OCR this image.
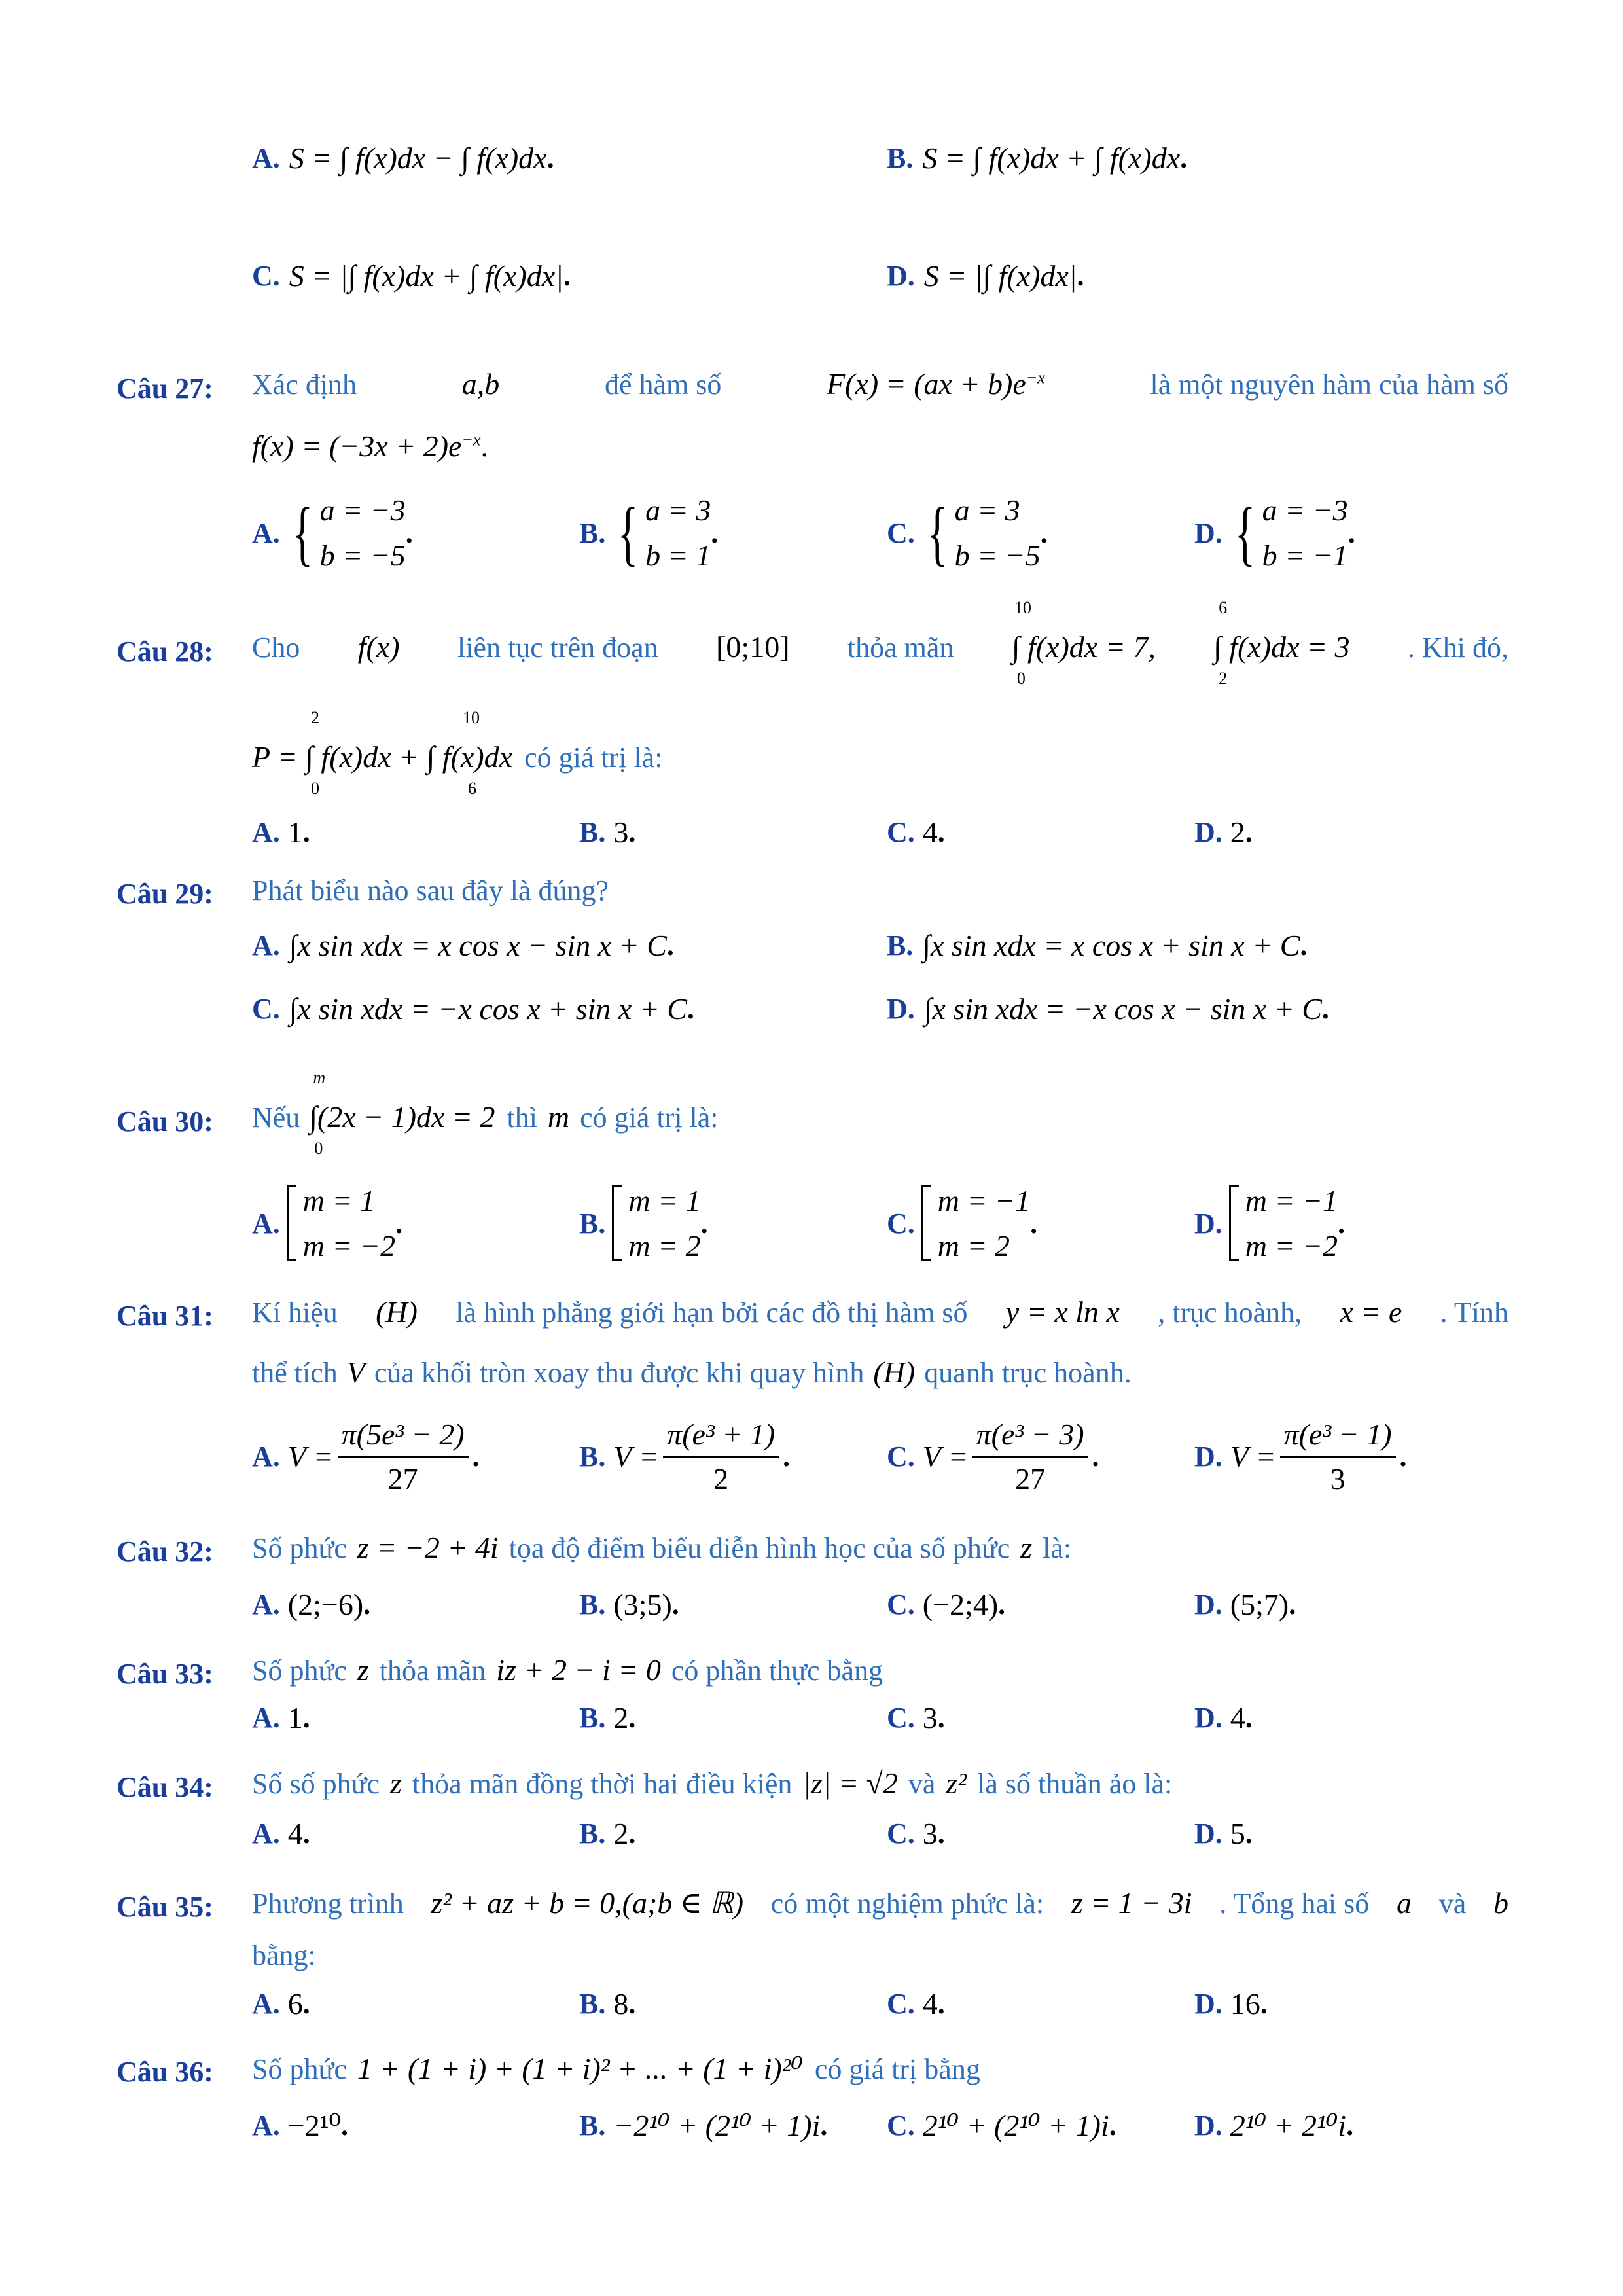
A. S = ∫ f(x)dx − ∫ f(x)dx .	B. S = ∫ f(x)dx + ∫ f(x)dx .
C. S = |∫ f(x)dx + ∫ f(x)dx| .	D. S = |∫ f(x)dx| .
Câu 27: Xác định	a,b	để hàm số	$F(x) = (ax + b)e^{-x}$	là một nguyên hàm của hàm số
$f(x) = (-3x + 2)e^{-x}$.
A. { a = −3
b = −5
.	B. { a = 3
b = 1
.	C. { a = 3
b = −5
.	D. { a = −3
b = −1
.
Câu 28: Cho f(x) liên tục trên đoạn [0;10] thỏa mãn
10
0
∫ f(x)dx = 7,
6
2
∫ f(x)dx = 3 . Khi đó,
2
0
10
6
P = ∫ f(x)dx + ∫ f(x)dx có giá trị là:
A. 1 .	B. 3 .	C. 4 .	D. 2 .
Câu 29: Phát biểu nào sau đây là đúng?
A. ∫x sin xdx = x cos x − sin x + C .	B. ∫x sin xdx = x cos x + sin x + C .
C. ∫x sin xdx = −x cos x + sin x + C .	D. ∫x sin xdx = −x cos x − sin x + C .
Câu 30: Nếu
m
0
∫(2x − 1)dx = 2 thì m có giá trị là:
A.
m = 1
m = −2
.	B.
m = 1
m = 2
.	C.
m = −1
m = 2
.	D.
m = −1
m = −2
.
Câu 31: Kí hiệu (H) là hình phẳng giới hạn bởi các đồ thị hàm số y = x ln x , trục hoành, x = e . Tính
thể tích V của khối tròn xoay thu được khi quay hình (H) quanh trục hoành.
A. $V = \frac{\text{π(5e³ − 2)}}{27}$ .	B. $V = \frac{\text{π(e³ + 1)}}{2}$ .	C. $V = \frac{\text{π(e³ − 3)}}{27}$ .	D. $V = \frac{\text{π(e³ − 1)}}{3}$ .
Câu 32: Số phức z = −2 + 4i tọa độ điểm biểu diễn hình học của số phức z là:
A. (2;−6) .	B. (3;5) .	C. (−2;4) .	D. (5;7) .
Câu 33: Số phức z thỏa mãn iz + 2 − i = 0 có phần thực bằng
A. 1 .	B. 2 .	C. 3 .	D. 4 .
Câu 34: Số số phức z thỏa mãn đồng thời hai điều kiện |z| = √2 và z² là số thuần ảo là:
A. 4 .	B. 2 .	C. 3 .	D. 5 .
Câu 35: Phương trình z² + az + b = 0,(a;b ∈ ℝ) có một nghiệm phức là: z = 1 − 3i . Tổng hai số a và b
bằng:
A. 6 .	B. 8 .	C. 4 .	D. 16 .
Câu 36: Số phức 1 + (1 + i) + (1 + i)² + ... + (1 + i)²⁰ có giá trị bằng
A. −2¹⁰ .	B. −2¹⁰ + (2¹⁰ + 1)i . C. 2¹⁰ + (2¹⁰ + 1)i .	D. 2¹⁰ + 2¹⁰i .
